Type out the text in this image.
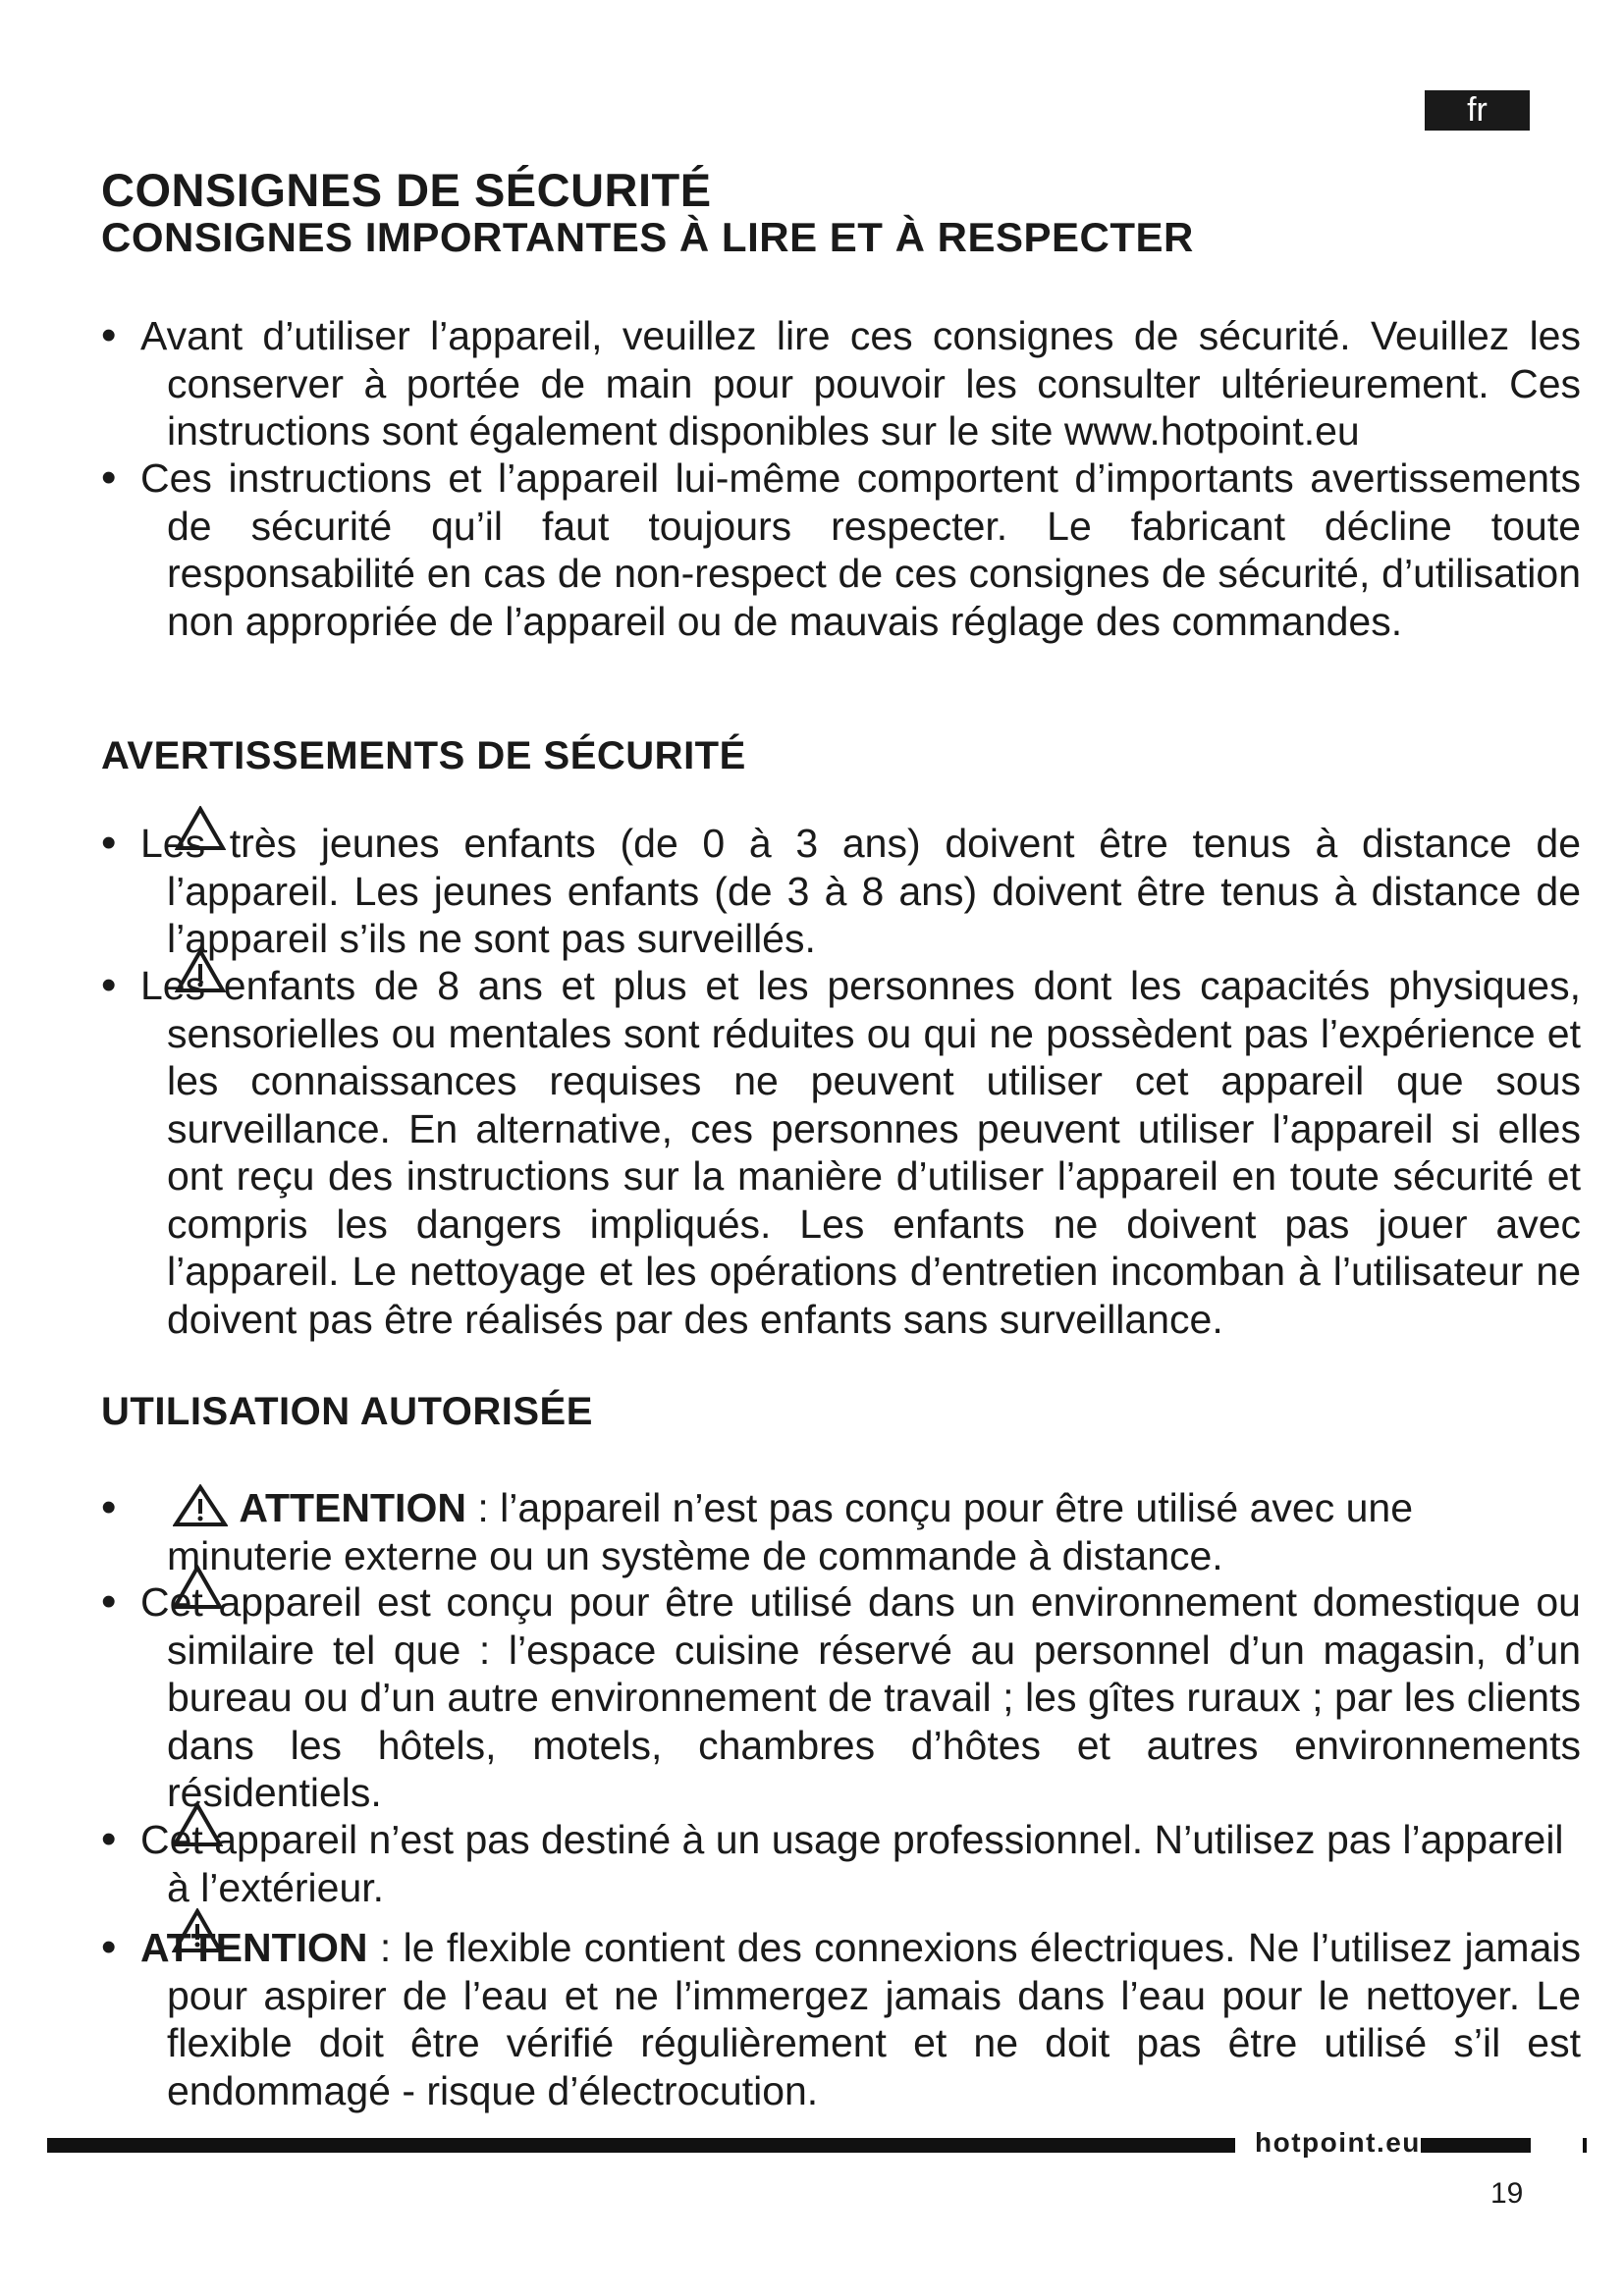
fr
CONSIGNES DE SÉCURITÉ
CONSIGNES IMPORTANTES À LIRE ET À RESPECTER
• Avant d’utiliser l’appareil, veuillez lire ces consignes de sécurité. Veuillez les conserver à portée de main pour pouvoir les consulter ultérieurement. Ces instructions sont également disponibles sur le site www.hotpoint.eu
• Ces instructions et l’appareil lui-même comportent d’importants avertissements de sécurité qu’il faut toujours respecter. Le fabricant décline toute responsabilité en cas de non-respect de ces consignes de sécurité, d’utilisation non appropriée de l’appareil ou de mauvais réglage des commandes.
AVERTISSEMENTS DE SÉCURITÉ
• Les très jeunes enfants (de 0 à 3 ans) doivent être tenus à distance de l’appareil. Les jeunes enfants (de 3 à 8 ans) doivent être tenus à distance de l’appareil s’ils ne sont pas surveillés.
• Les enfants de 8 ans et plus et les personnes dont les capacités physiques, sensorielles ou mentales sont réduites ou qui ne possèdent pas l’expérience et les connaissances requises ne peuvent utiliser cet appareil que sous surveillance. En alternative, ces personnes peuvent utiliser l’appareil si elles ont reçu des instructions sur la manière d’utiliser l’appareil en toute sécurité et compris les dangers impliqués. Les enfants ne doivent pas jouer avec l’appareil. Le nettoyage et les opérations d’entretien incomban à l’utilisateur ne doivent pas être réalisés par des enfants sans surveillance.
UTILISATION AUTORISÉE
•	ATTENTION : l’appareil n’est pas conçu pour être utilisé avec une minuterie externe ou un système de commande à distance.
• Cet appareil est conçu pour être utilisé dans un environnement domestique ou similaire tel que : l’espace cuisine réservé au personnel d’un magasin, d’un bureau ou d’un autre environnement de travail ; les gîtes ruraux ; par les clients dans les hôtels, motels, chambres d’hôtes et autres environnements résidentiels.
• Cet appareil n’est pas destiné à un usage professionnel. N’utilisez pas l’appareil à l’extérieur.
• ATTENTION : le flexible contient des connexions électriques. Ne l’utilisez jamais pour aspirer de l’eau et ne l’immergez jamais dans l’eau pour le nettoyer. Le flexible doit être vérifié régulièrement et ne doit pas être utilisé s’il est endommagé - risque d’électrocution.
hotpoint.eu
19
